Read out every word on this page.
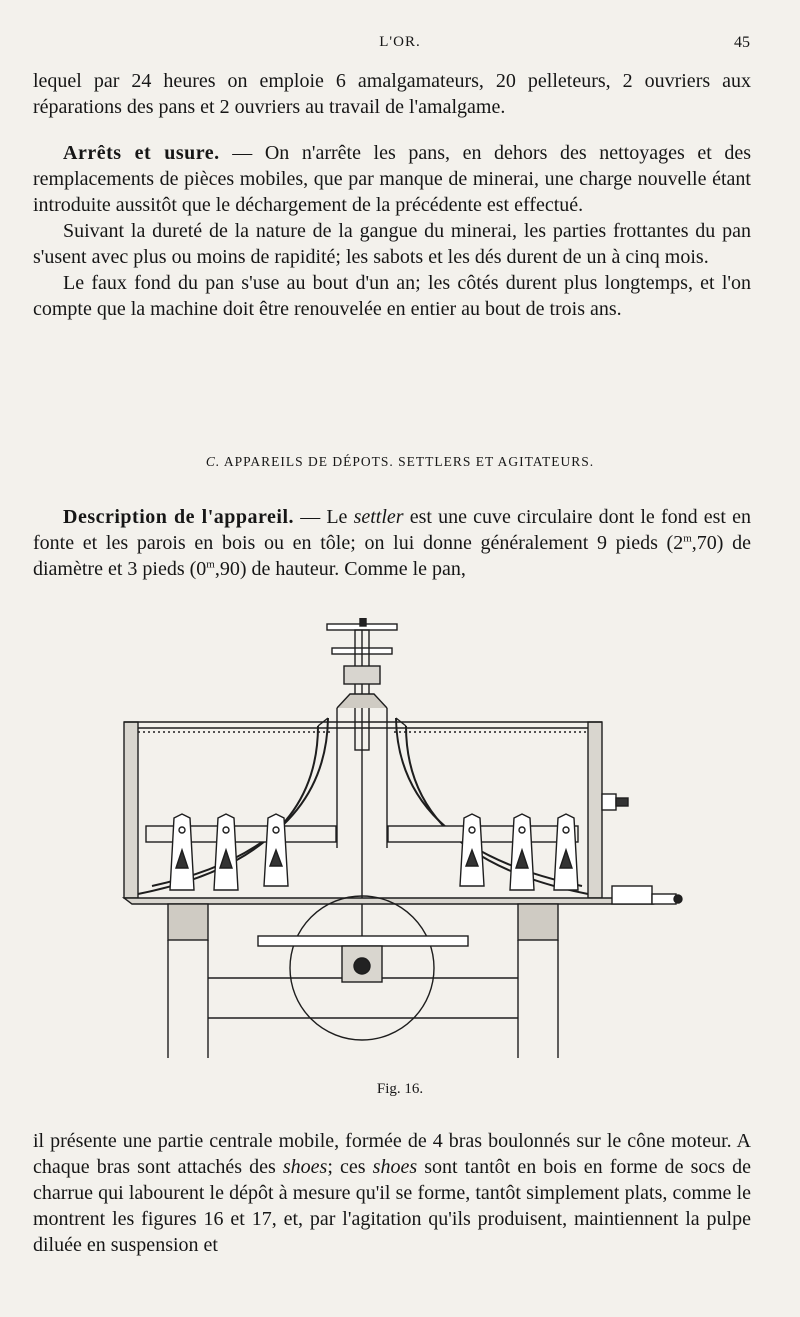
L'OR.	45

lequel par 24 heures on emploie 6 amalgamateurs, 20 pelleteurs, 2 ouvriers aux réparations des pans et 2 ouvriers au travail de l'amalgame.

Arrêts et usure. — On n'arrête les pans, en dehors des nettoyages et des remplacements de pièces mobiles, que par manque de minerai, une charge nouvelle étant introduite aussitôt que le déchargement de la précédente est effectué.

Suivant la dureté de la nature de la gangue du minerai, les parties frottantes du pan s'usent avec plus ou moins de rapidité; les sabots et les dés durent de un à cinq mois.

Le faux fond du pan s'use au bout d'un an; les côtés durent plus longtemps, et l'on compte que la machine doit être renouvelée en entier au bout de trois ans.

C. APPAREILS DE DÉPOTS. SETTLERS ET AGITATEURS.

Description de l'appareil. — Le settler est une cuve circulaire dont le fond est en fonte et les parois en bois ou en tôle; on lui donne généralement 9 pieds (2$^m$,70) de diamètre et 3 pieds (0$^m$,90) de hauteur. Comme le pan,

Fig. 16.

il présente une partie centrale mobile, formée de 4 bras boulonnés sur le cône moteur. A chaque bras sont attachés des shoes; ces shoes sont tantôt en bois en forme de socs de charrue qui labourent le dépôt à mesure qu'il se forme, tantôt simplement plats, comme le montrent les figures 16 et 17, et, par l'agitation qu'ils produisent, maintiennent la pulpe diluée en suspension et
